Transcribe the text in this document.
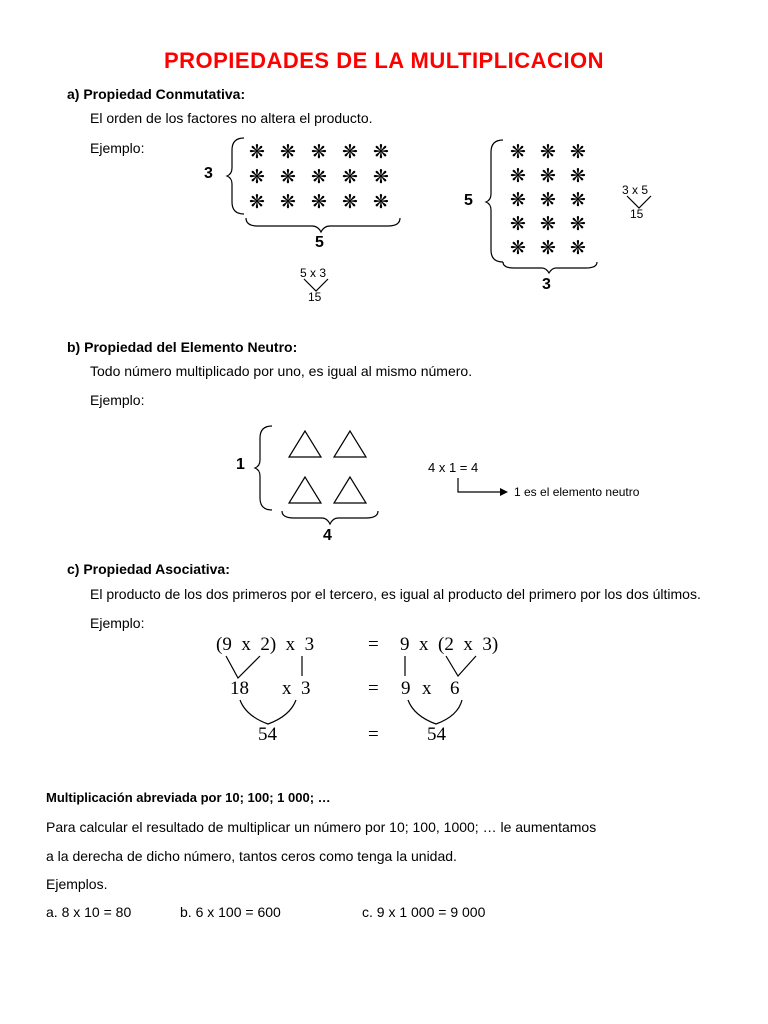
PROPIEDADES DE LA MULTIPLICACION
a) Propiedad Conmutativa:
El orden de los factores no altera el producto.
Ejemplo:	❋ ❋ ❋ ❋ ❋
❋ ❋ ❋ ❋ ❋
❋ ❋ ❋ ❋ ❋
❋ ❋ ❋
❋ ❋ ❋
❋ ❋ ❋
❋ ❋ ❋
❋ ❋ ❋
3
5
5 x 3
15
5
3
3 x 5
15
b) Propiedad del Elemento Neutro:
Todo número multiplicado por uno, es igual al mismo número.
Ejemplo:
1
4
4 x 1 = 4
1 es el elemento neutro
c) Propiedad Asociativa:
El producto de los dos primeros por el tercero, es igual al producto del primero por los dos últimos.
Ejemplo:
(9  x  2)  x  3
18 x  3
54
=
=
=
9  x  (2  x  3)
9 x 6
54
Multiplicación abreviada por 10; 100; 1 000; …
Para calcular el resultado de multiplicar un número por 10; 100, 1000; … le aumentamos
a la derecha de dicho número, tantos ceros como tenga la unidad.
Ejemplos.
a. 8 x 10 = 80	b. 6 x 100 = 600	c. 9 x 1 000 = 9 000
